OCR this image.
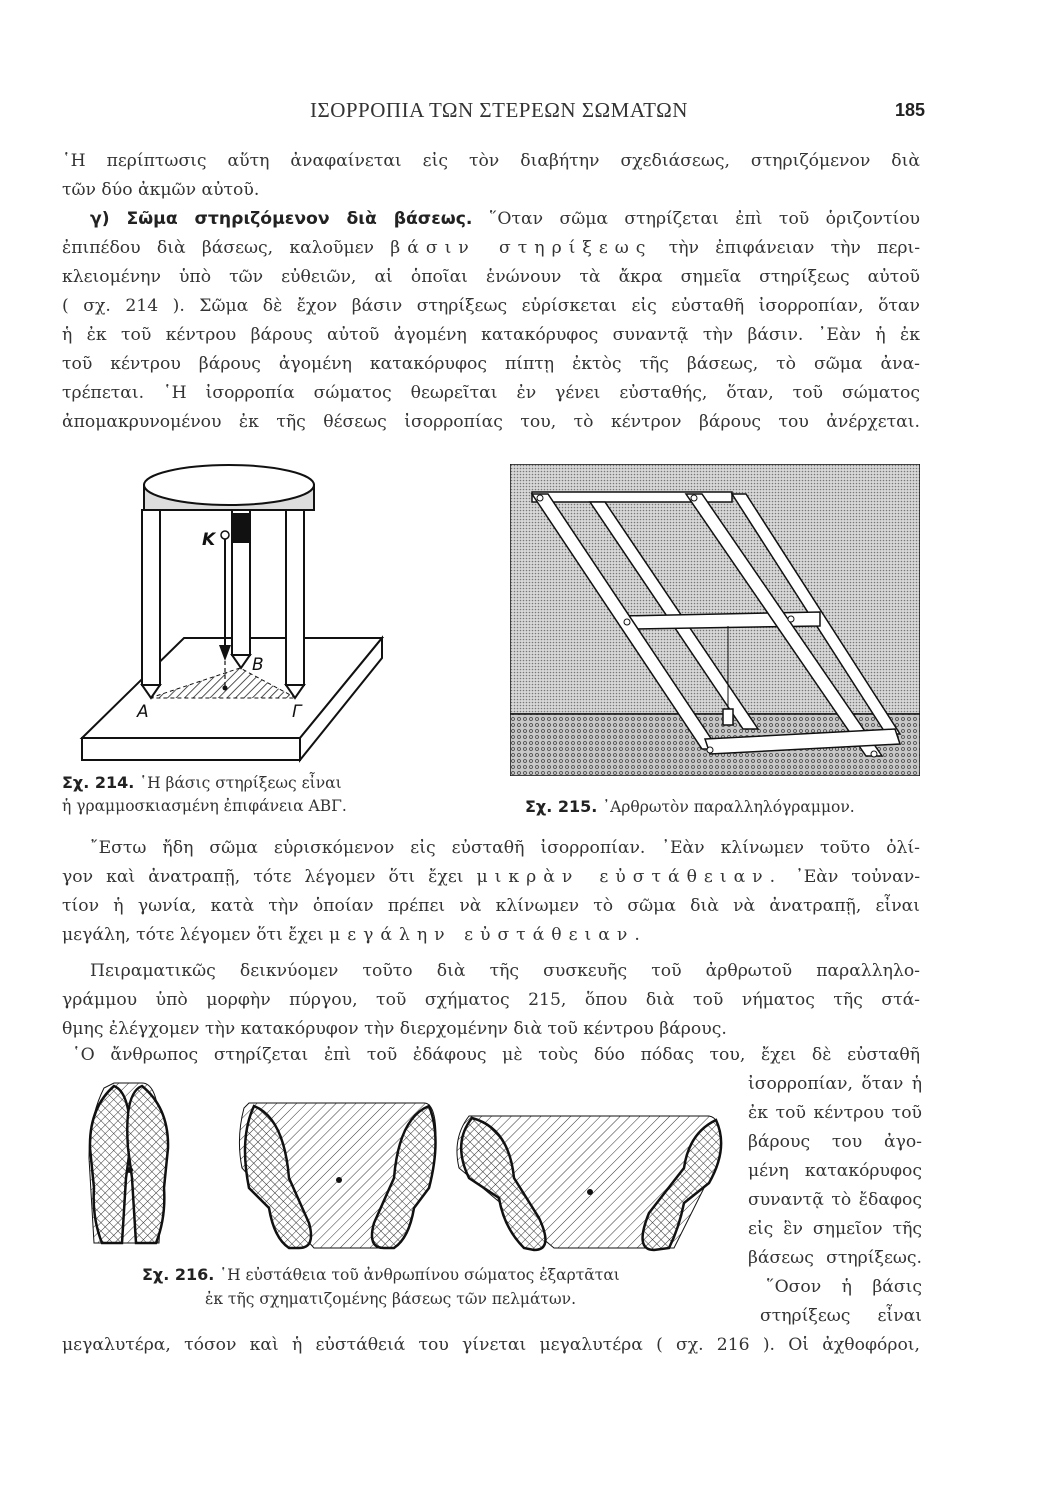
ΙΣΟΡΡΟΠΙΑ ΤΩΝ ΣΤΕΡΕΩΝ ΣΩΜΑΤΩΝ	185
῾Η περίπτωσις αὕτη ἀναφαίνεται εἰς τὸν διαβήτην σχεδιάσεως, στηριζόμενον διὰ
τῶν δύο ἀκμῶν αὐτοῦ.
γ) Σῶμα στηριζόμενον διὰ βάσεως. ῞Οταν σῶμα στηρίζεται ἐπὶ τοῦ ὁριζοντίου
ἐπιπέδου διὰ βάσεως, καλοῦμεν βάσιν στηρίξεως τὴν ἐπιφάνειαν τὴν περι-
κλειομένην ὑπὸ τῶν εὐθειῶν, αἱ ὁποῖαι ἑνώνουν τὰ ἄκρα σημεῖα στηρίξεως αὐτοῦ
( σχ. 214 ). Σῶμα δὲ ἔχον βάσιν στηρίξεως εὑρίσκεται εἰς εὐσταθῆ ἰσορροπίαν, ὅταν
ἡ ἐκ τοῦ κέντρου βάρους αὐτοῦ ἀγομένη κατακόρυφος συναντᾷ τὴν βάσιν. ᾿Εὰν ἡ ἐκ
τοῦ κέντρου βάρους ἀγομένη κατακόρυφος πίπτῃ ἐκτὸς τῆς βάσεως, τὸ σῶμα ἀνα-
τρέπεται. ῾Η ἰσορροπία σώματος θεωρεῖται ἐν γένει εὐσταθής, ὅταν, τοῦ σώματος
ἀπομακρυνομένου ἐκ τῆς θέσεως ἰσορροπίας του, τὸ κέντρον βάρους του ἀνέρχεται.
K
B
A	Γ
Σχ. 214. ῾Η βάσις στηρίξεως εἶναι
ἡ γραμμοσκιασμένη ἐπιφάνεια ΑΒΓ.	Σχ. 215. ᾿Αρθρωτὸν παραλληλόγραμμον.
῎Εστω ἤδη σῶμα εὑρισκόμενον εἰς εὐσταθῆ ἰσορροπίαν. ᾿Εὰν κλίνωμεν τοῦτο ὀλί-
γον καὶ ἀνατραπῇ, τότε λέγομεν ὅτι ἔχει μικρὰν εὐστάθειαν. ᾿Εὰν τοὐναν-
τίον ἡ γωνία, κατὰ τὴν ὁποίαν πρέπει νὰ κλίνωμεν τὸ σῶμα διὰ νὰ ἀνατραπῇ, εἶναι
μεγάλη, τότε λέγομεν ὅτι ἔχει μεγάλην εὐστάθειαν.
Πειραματικῶς δεικνύομεν τοῦτο διὰ τῆς συσκευῆς τοῦ ἀρθρωτοῦ παραλληλο-
γράμμου ὑπὸ μορφὴν πύργου, τοῦ σχήματος 215, ὅπου διὰ τοῦ νήματος τῆς στά-
θμης ἐλέγχομεν τὴν κατακόρυφον τὴν διερχομένην διὰ τοῦ κέντρου βάρους.
῾Ο ἄνθρωπος στηρίζεται ἐπὶ τοῦ ἐδάφους μὲ τοὺς δύο πόδας του, ἔχει δὲ εὐσταθῆ
ἰσορροπίαν, ὅταν ἡ
ἐκ τοῦ κέντρου τοῦ
βάρους του ἀγο-
μένη κατακόρυφος
συναντᾷ τὸ ἔδαφος
εἰς ἓν σημεῖον τῆς
βάσεως στηρίξεως.
῞Οσον ἡ βάσις
στηρίξεως εἶναι
μεγαλυτέρα, τόσον καὶ ἡ εὐστάθειά του γίνεται μεγαλυτέρα ( σχ. 216 ). Οἱ ἀχθοφόροι,
Σχ. 216. ῾Η εὐστάθεια τοῦ ἀνθρωπίνου σώματος ἐξαρτᾶται
ἐκ τῆς σχηματιζομένης βάσεως τῶν πελμάτων.
